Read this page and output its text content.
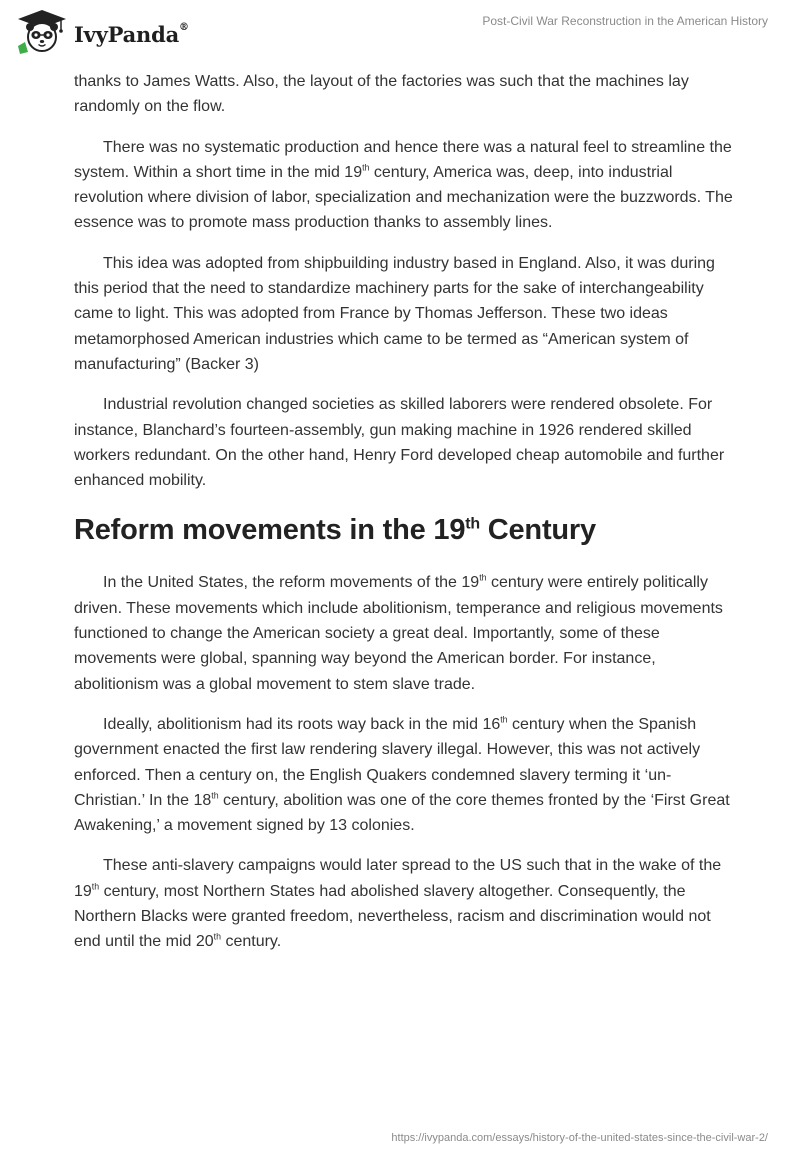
IvyPanda®	Post-Civil War Reconstruction in the American History

thanks to James Watts. Also, the layout of the factories was such that the machines lay randomly on the flow.

There was no systematic production and hence there was a natural feel to streamline the system. Within a short time in the mid 19th century, America was, deep, into industrial revolution where division of labor, specialization and mechanization were the buzzwords. The essence was to promote mass production thanks to assembly lines.

This idea was adopted from shipbuilding industry based in England. Also, it was during this period that the need to standardize machinery parts for the sake of interchangeability came to light. This was adopted from France by Thomas Jefferson. These two ideas metamorphosed American industries which came to be termed as “American system of manufacturing” (Backer 3)

Industrial revolution changed societies as skilled laborers were rendered obsolete. For instance, Blanchard’s fourteen-assembly, gun making machine in 1926 rendered skilled workers redundant. On the other hand, Henry Ford developed cheap automobile and further enhanced mobility.

Reform movements in the 19th Century

In the United States, the reform movements of the 19th century were entirely politically driven. These movements which include abolitionism, temperance and religious movements functioned to change the American society a great deal. Importantly, some of these movements were global, spanning way beyond the American border. For instance, abolitionism was a global movement to stem slave trade.

Ideally, abolitionism had its roots way back in the mid 16th century when the Spanish government enacted the first law rendering slavery illegal. However, this was not actively enforced. Then a century on, the English Quakers condemned slavery terming it ‘un-Christian.’ In the 18th century, abolition was one of the core themes fronted by the ‘First Great Awakening,’ a movement signed by 13 colonies.

These anti-slavery campaigns would later spread to the US such that in the wake of the 19th century, most Northern States had abolished slavery altogether. Consequently, the Northern Blacks were granted freedom, nevertheless, racism and discrimination would not end until the mid 20th century.

https://ivypanda.com/essays/history-of-the-united-states-since-the-civil-war-2/
